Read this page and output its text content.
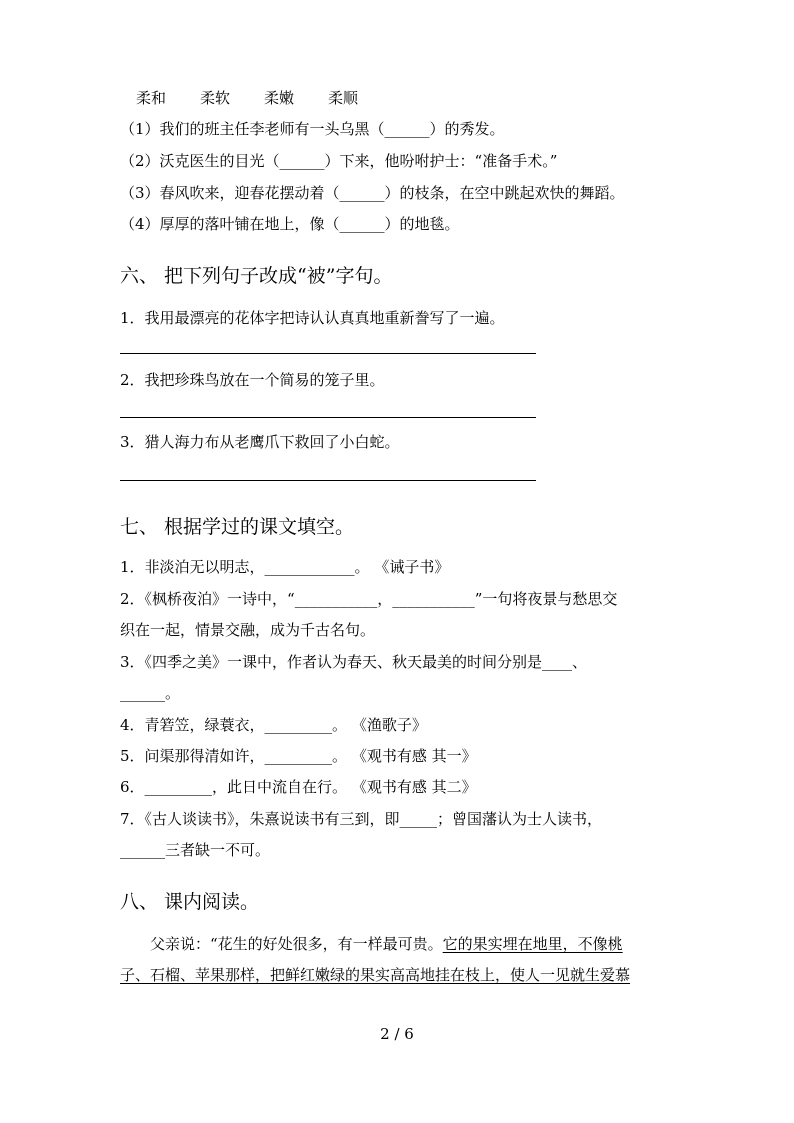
柔和 柔软 柔嫩 柔顺
（1）我们的班主任李老师有一头乌黑（______）的秀发。
（2）沃克医生的目光（______）下来，他吩咐护士：“准备手术。”
（3）春风吹来，迎春花摆动着（______）的枝条，在空中跳起欢快的舞蹈。
（4）厚厚的落叶铺在地上，像（______）的地毯。
六、 把下列句子改成“被”字句。
1．我用最漂亮的花体字把诗认认真真地重新誊写了一遍。
2．我把珍珠鸟放在一个简易的笼子里。
3．猎人海力布从老鹰爪下救回了小白蛇。
七、 根据学过的课文填空。
1．非淡泊无以明志，____________。 《诫子书》
2．《枫桥夜泊》一诗中，“___________，___________”一句将夜景与愁思交
织在一起，情景交融，成为千古名句。
3．《四季之美》一课中，作者认为春天、秋天最美的时间分别是____、
______。
4．青箬笠，绿蓑衣，_________。 《渔歌子》
5．问渠那得清如许，_________。 《观书有感 其一》
6．_________，此日中流自在行。 《观书有感 其二》
7．《古人谈读书》，朱熹说读书有三到，即_____；曾国藩认为士人读书，
______三者缺一不可。
八、 课内阅读。
父亲说：“花生的好处很多，有一样最可贵。它的果实埋在地里，不像桃
子、石榴、苹果那样，把鲜红嫩绿的果实高高地挂在枝上，使人一见就生爱慕
2 / 6
